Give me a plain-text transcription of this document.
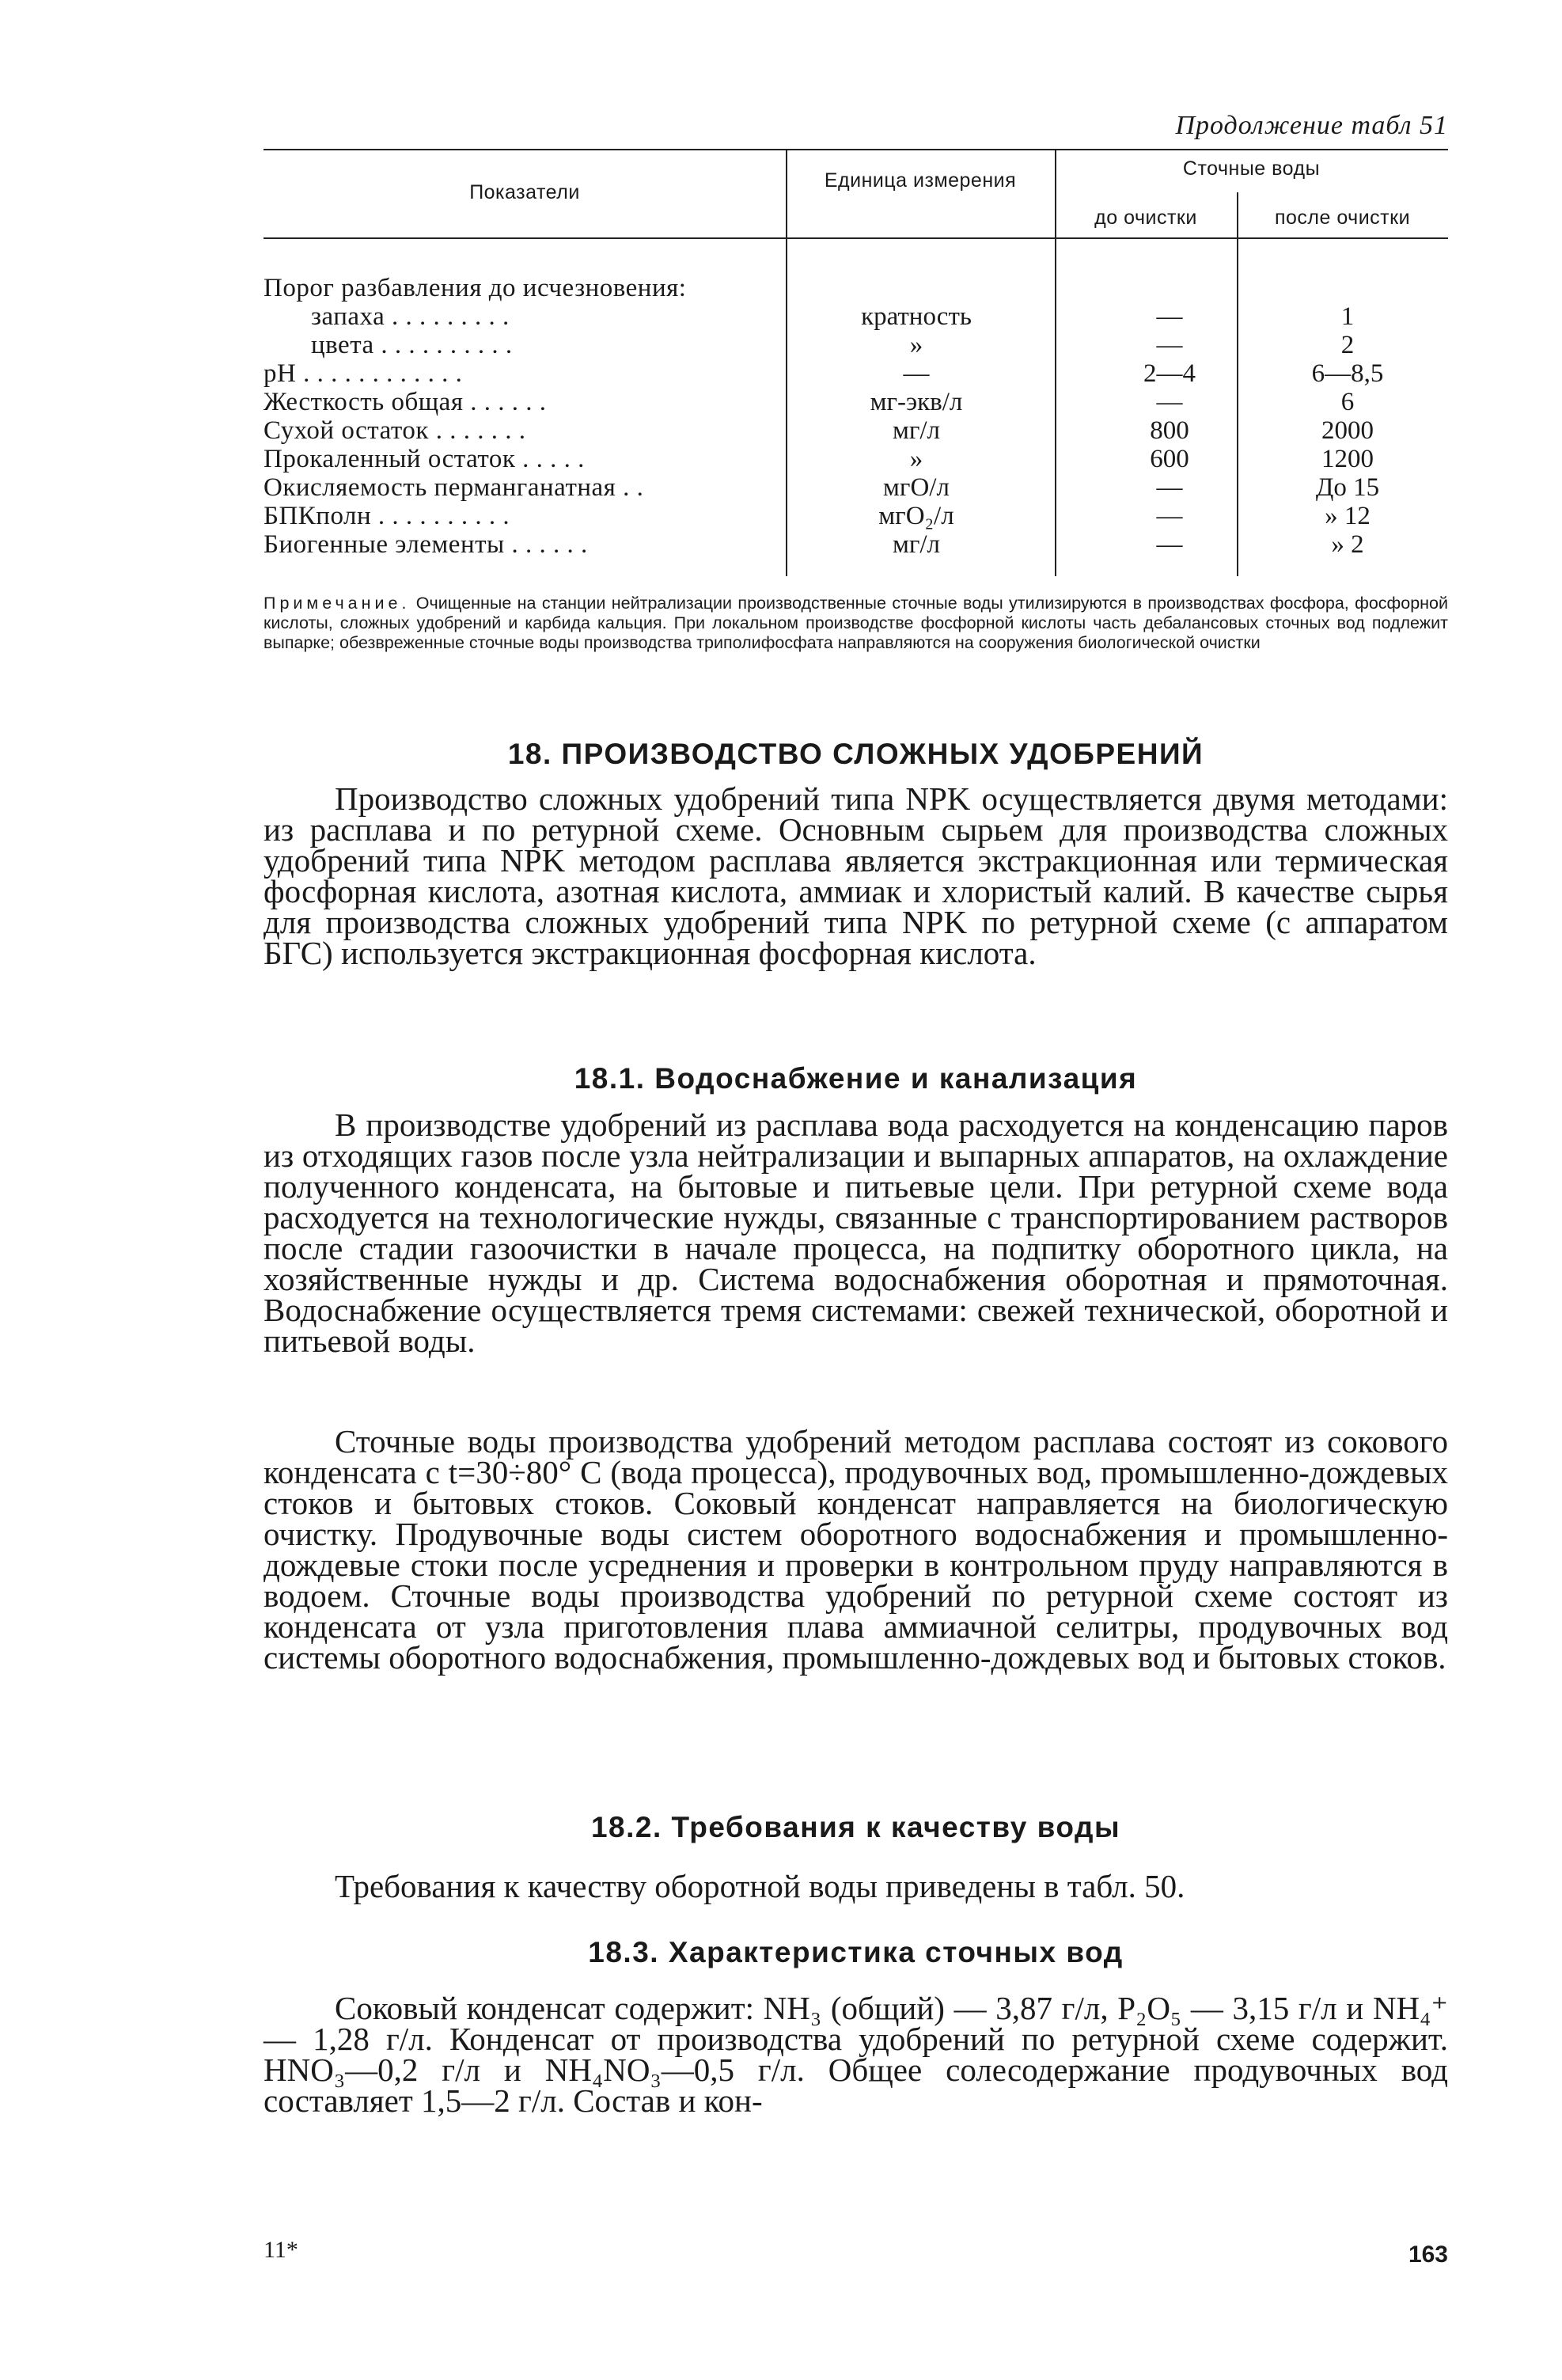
Продолжение табл 51
Показатели
Единица измерения
Сточные воды
до очистки	после очистки
Порог разбавления до исчезновения:
запаха . . . . . . . . .	кратность	—	1
цвета . . . . . . . . . .	»	—	2
рН . . . . . . . . . . . .	—	2—4	6—8,5
Жесткость общая . . . . . .	мг-экв/л	—	6
Сухой остаток . . . . . . .	мг/л	800	2000
Прокаленный остаток . . . . .	»	600	1200
Окисляемость перманганатная . .	мгО/л	—	До 15
БПКполн . . . . . . . . . .	мгО₂/л	—	» 12
Биогенные элементы . . . . . .	мг/л	—	» 2
Примечание. Очищенные на станции нейтрализации производственные сточные воды утилизируются в производствах фосфора, фосфорной кислоты, сложных удобрений и карбида кальция. При локальном производстве фосфорной кислоты часть дебалансовых сточных вод подлежит выпарке; обезвреженные сточные воды производства триполифосфата направляются на сооружения биологической очистки
18. ПРОИЗВОДСТВО СЛОЖНЫХ УДОБРЕНИЙ
Производство сложных удобрений типа NPK осуществляется двумя методами: из расплава и по ретурной схеме. Основным сырьем для производства сложных удобрений типа NPK методом расплава является экстракционная или термическая фосфорная кислота, азотная кислота, аммиак и хлористый калий. В качестве сырья для производства сложных удобрений типа NPK по ретурной схеме (с аппаратом БГС) используется экстракционная фосфорная кислота.
18.1. Водоснабжение и канализация
В производстве удобрений из расплава вода расходуется на конденсацию паров из отходящих газов после узла нейтрализации и выпарных аппаратов, на охлаждение полученного конденсата, на бытовые и питьевые цели. При ретурной схеме вода расходуется на технологические нужды, связанные с транспортированием растворов после стадии газоочистки в начале процесса, на подпитку оборотного цикла, на хозяйственные нужды и др. Система водоснабжения оборотная и прямоточная. Водоснабжение осуществляется тремя системами: свежей технической, оборотной и питьевой воды.
Сточные воды производства удобрений методом расплава состоят из сокового конденсата с t=30÷80° C (вода процесса), продувочных вод, промышленно-дождевых стоков и бытовых стоков. Соковый конденсат направляется на биологическую очистку. Продувочные воды систем оборотного водоснабжения и промышленно-дождевые стоки после усреднения и проверки в контрольном пруду направляются в водоем. Сточные воды производства удобрений по ретурной схеме состоят из конденсата от узла приготовления плава аммиачной селитры, продувочных вод системы оборотного водоснабжения, промышленно-дождевых вод и бытовых стоков.
18.2. Требования к качеству воды
Требования к качеству оборотной воды приведены в табл. 50.
18.3. Характеристика сточных вод
Соковый конденсат содержит: NH₃ (общий) — 3,87 г/л, P₂O₅ — 3,15 г/л и NH₄⁺ — 1,28 г/л. Конденсат от производства удобрений по ретурной схеме содержит. HNO₃—0,2 г/л и NH₄NO₃—0,5 г/л. Общее солесодержание продувочных вод составляет 1,5—2 г/л. Состав и кон-
11*	163
